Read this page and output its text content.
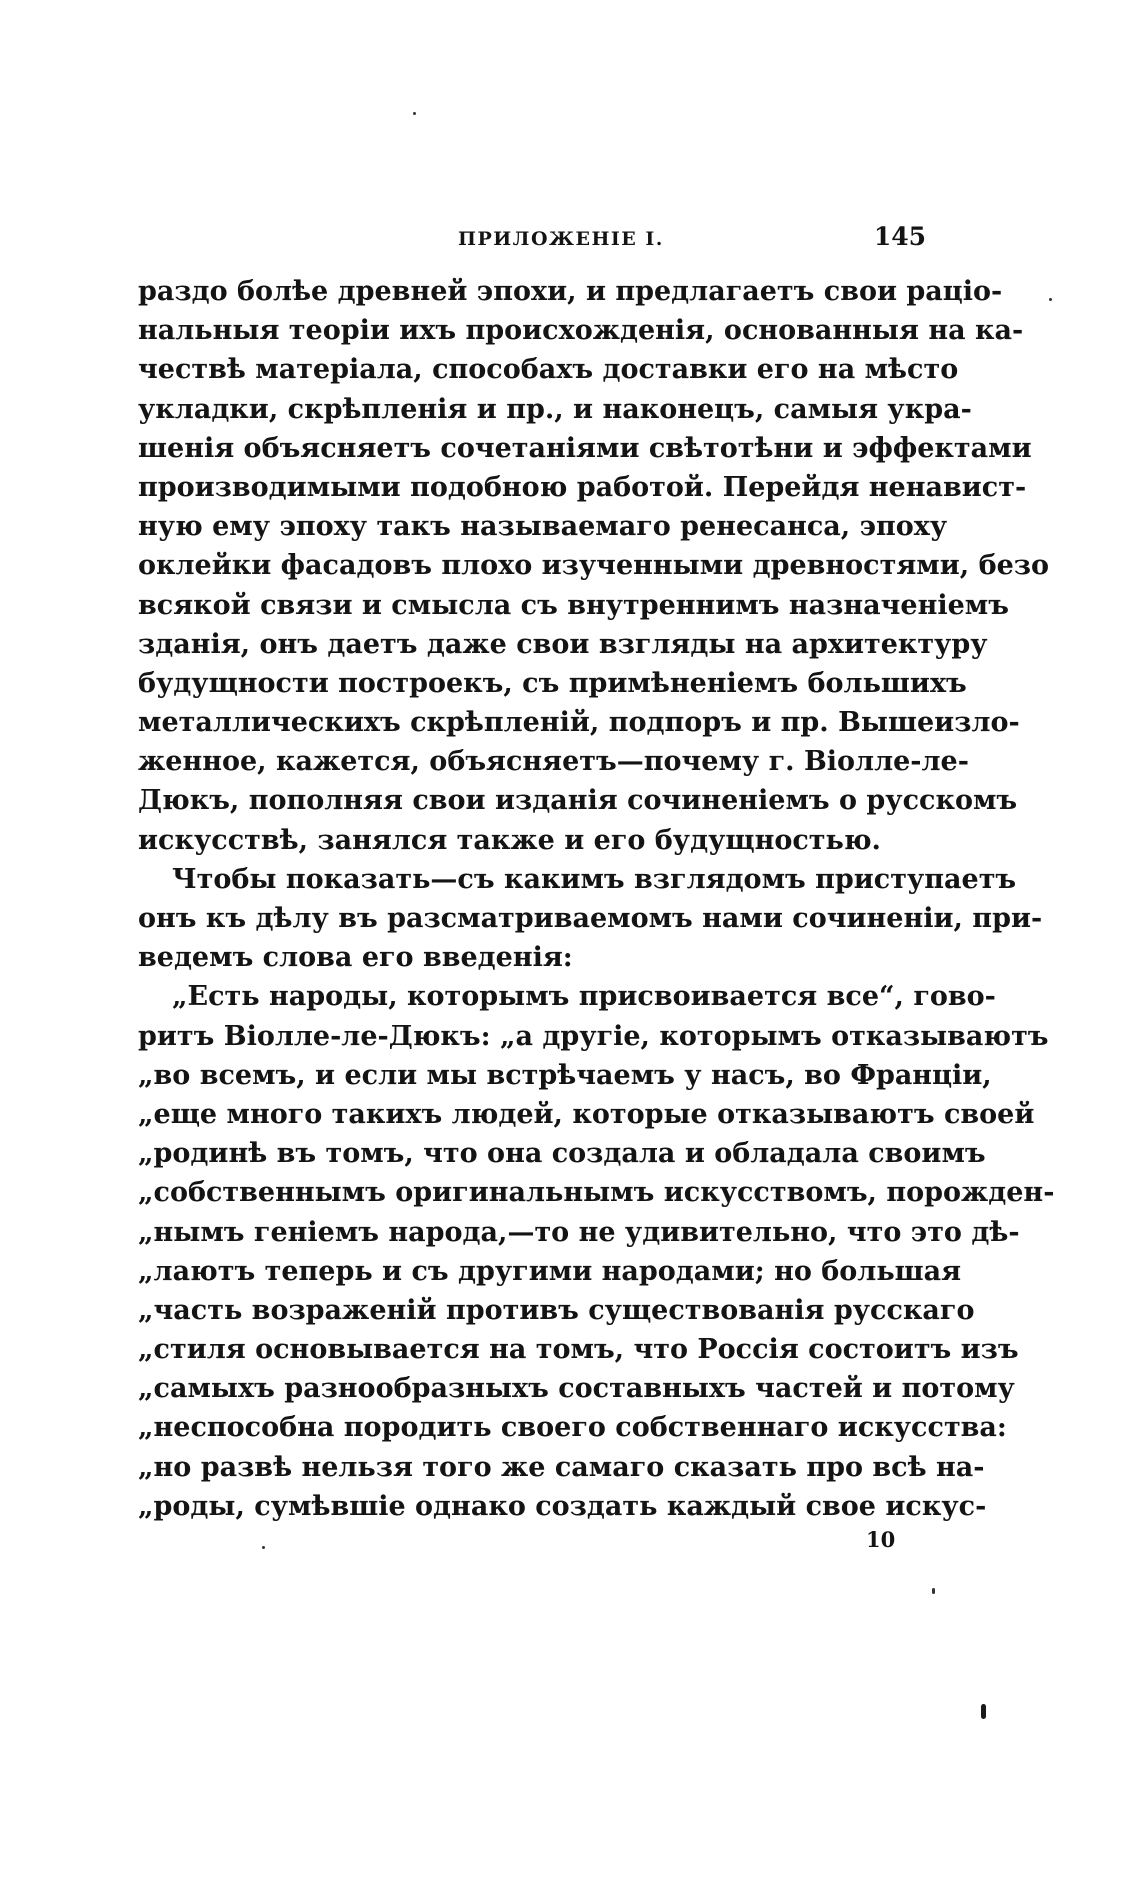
ПРИЛОЖЕНІЕ I.	145
раздо болѣе древней эпохи, и предлагаетъ свои раціо-
нальныя теоріи ихъ происхожденія, основанныя на ка-
чествѣ матеріала, способахъ доставки его на мѣсто
укладки, скрѣпленія и пр., и наконецъ, самыя укра-
шенія объясняетъ сочетаніями свѣтотѣни и эффектами
производимыми подобною работой. Перейдя ненавист-
ную ему эпоху такъ называемаго ренесанса, эпоху
оклейки фасадовъ плохо изученными древностями, безо
всякой связи и смысла съ внутреннимъ назначеніемъ
зданія, онъ даетъ даже свои взгляды на архитектуру
будущности построекъ, съ примѣненіемъ большихъ
металлическихъ скрѣпленій, подпоръ и пр. Вышеизло-
женное, кажется, объясняетъ—почему г. Віолле-ле-
Дюкъ, пополняя свои изданія сочиненіемъ о русскомъ
искусствѣ, занялся также и его будущностью.
Чтобы показать—съ какимъ взглядомъ приступаетъ
онъ къ дѣлу въ разсматриваемомъ нами сочиненіи, при-
ведемъ слова его введенія:
„Есть народы, которымъ присвоивается все“, гово-
ритъ Віолле-ле-Дюкъ: „а другіе, которымъ отказываютъ
„во всемъ, и если мы встрѣчаемъ у насъ, во Франціи,
„еще много такихъ людей, которые отказываютъ своей
„родинѣ въ томъ, что она создала и обладала своимъ
„собственнымъ оригинальнымъ искусствомъ, порожден-
„нымъ геніемъ народа,—то не удивительно, что это дѣ-
„лаютъ теперь и съ другими народами; но большая
„часть возраженій противъ существованія русскаго
„стиля основывается на томъ, что Россія состоитъ изъ
„самыхъ разнообразныхъ составныхъ частей и потому
„неспособна породить своего собственнаго искусства:
„но развѣ нельзя того же самаго сказать про всѣ на-
„роды, сумѣвшіе однако создать каждый свое искус-
10
